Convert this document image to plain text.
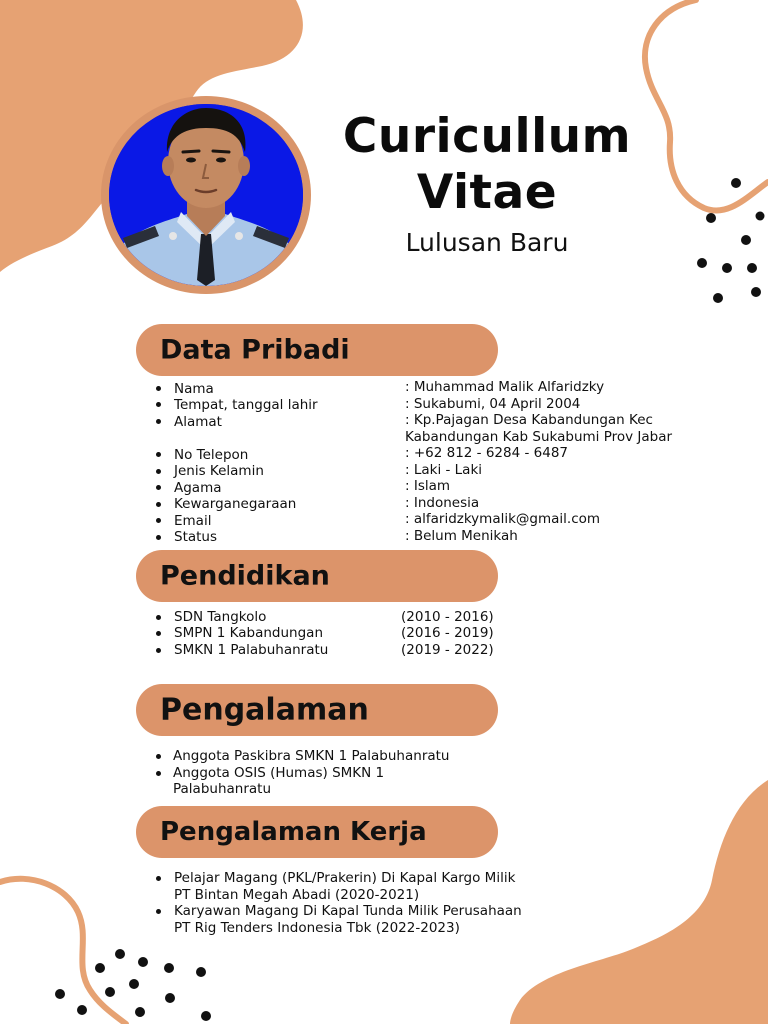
Curicullum
Vitae
Lulusan Baru
Data Pribadi
Nama	: Muhammad Malik Alfaridzky
Tempat, tanggal lahir	: Sukabumi, 04 April 2004
Alamat	: Kp.Pajagan Desa Kabandungan Kec
Kabandungan Kab Sukabumi Prov Jabar
No Telepon	: +62 812 - 6284 - 6487
Jenis Kelamin	: Laki - Laki
Agama	: Islam
Kewarganegaraan	: Indonesia
Email	: alfaridzkymalik@gmail.com
Status	: Belum Menikah
Pendidikan
SDN Tangkolo	(2010 - 2016)
SMPN 1 Kabandungan	(2016 - 2019)
SMKN 1 Palabuhanratu	(2019 - 2022)
Pengalaman
Anggota Paskibra SMKN 1 Palabuhanratu
Anggota OSIS (Humas) SMKN 1
Palabuhanratu
Pengalaman Kerja
Pelajar Magang (PKL/Prakerin) Di Kapal Kargo Milik
PT Bintan Megah Abadi (2020-2021)
Karyawan Magang Di Kapal Tunda Milik Perusahaan
PT Rig Tenders Indonesia Tbk (2022-2023)
